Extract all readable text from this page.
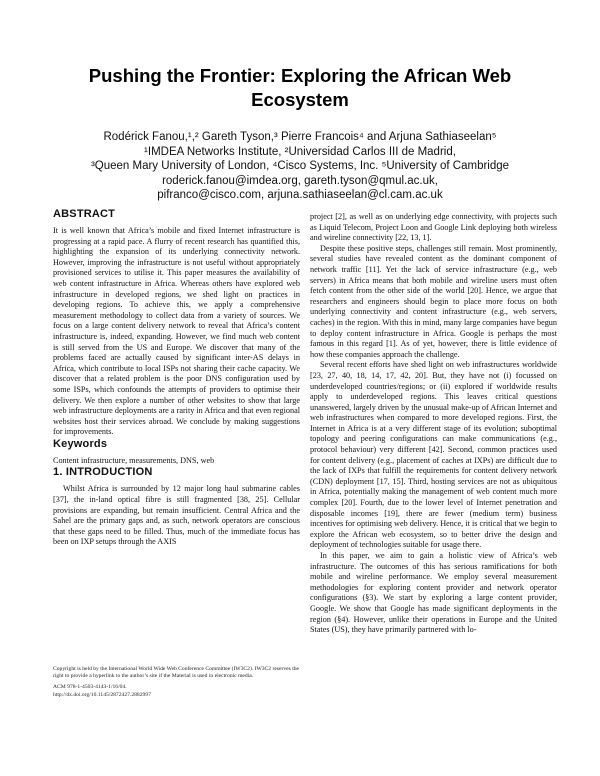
Pushing the Frontier: Exploring the African Web
Ecosystem
Rodérick Fanou,¹,² Gareth Tyson,³ Pierre Francois⁴ and Arjuna Sathiaseelan⁵
¹IMDEA Networks Institute, ²Universidad Carlos III de Madrid,
³Queen Mary University of London, ⁴Cisco Systems, Inc. ⁵University of Cambridge
roderick.fanou@imdea.org, gareth.tyson@qmul.ac.uk,
pifranco@cisco.com, arjuna.sathiaseelan@cl.cam.ac.uk
ABSTRACT

It is well known that Africa’s mobile and fixed Internet infrastructure is progressing at a rapid pace. A flurry of recent research has quantified this, highlighting the expansion of its underlying connectivity network. However, improving the infrastructure is not useful without appropriately provisioned services to utilise it. This paper measures the availability of web content infrastructure in Africa. Whereas others have explored web infrastructure in developed regions, we shed light on practices in developing regions. To achieve this, we apply a comprehensive measurement methodology to collect data from a variety of sources. We focus on a large content delivery network to reveal that Africa’s content infrastructure is, indeed, expanding. However, we find much web content is still served from the US and Europe. We discover that many of the problems faced are actually caused by significant inter-AS delays in Africa, which contribute to local ISPs not sharing their cache capacity. We discover that a related problem is the poor DNS configuration used by some ISPs, which confounds the attempts of providers to optimise their delivery. We then explore a number of other websites to show that large web infrastructure deployments are a rarity in Africa and that even regional websites host their services abroad. We conclude by making suggestions for improvements.

Keywords

Content infrastructure, measurements, DNS, web

1. INTRODUCTION

Whilst Africa is surrounded by 12 major long haul submarine cables [37], the in-land optical fibre is still fragmented [38, 25]. Cellular provisions are expanding, but remain insufficient. Central Africa and the Sahel are the primary gaps and, as such, network operators are conscious that these gaps need to be filled. Thus, much of the immediate focus has been on IXP setups through the AXIS

project [2], as well as on underlying edge connectivity, with projects such as Liquid Telecom, Project Loon and Google Link deploying both wireless and wireline connectivity [22, 13, 1].

Despite these positive steps, challenges still remain. Most prominently, several studies have revealed content as the dominant component of network traffic [11]. Yet the lack of service infrastructure (e.g., web servers) in Africa means that both mobile and wireline users must often fetch content from the other side of the world [20]. Hence, we argue that researchers and engineers should begin to place more focus on both underlying connectivity and content infrastructure (e.g., web servers, caches) in the region. With this in mind, many large companies have begun to deploy content infrastructure in Africa. Google is perhaps the most famous in this regard [1]. As of yet, however, there is little evidence of how these companies approach the challenge.

Several recent efforts have shed light on web infrastructures worldwide [23, 27, 40, 18, 14, 17, 42, 20]. But, they have not (i) focussed on underdeveloped countries/regions; or (ii) explored if worldwide results apply to underdeveloped regions. This leaves critical questions unanswered, largely driven by the unusual make-up of African Internet and web infrastructures when compared to more developed regions. First, the Internet in Africa is at a very different stage of its evolution; suboptimal topology and peering configurations can make communications (e.g., protocol behaviour) very different [42]. Second, common practices used for content delivery (e.g., placement of caches at IXPs) are difficult due to the lack of IXPs that fulfill the requirements for content delivery network (CDN) deployment [17, 15]. Third, hosting services are not as ubiquitous in Africa, potentially making the management of web content much more complex [20]. Fourth, due to the lower level of Internet penetration and disposable incomes [19], there are fewer (medium term) business incentives for optimising web delivery. Hence, it is critical that we begin to explore the African web ecosystem, so to better drive the design and deployment of technologies suitable for usage there.

In this paper, we aim to gain a holistic view of Africa’s web infrastructure. The outcomes of this has serious ramifications for both mobile and wireline performance. We employ several measurement methodologies for exploring content provider and network operator configurations (§3). We start by exploring a large content provider, Google. We show that Google has made significant deployments in the region (§4). However, unlike their operations in Europe and the United States (US), they have primarily partnered with lo-

Copyright is held by the International World Wide Web Conference Committee (IW3C2). IW3C2 reserves the right to provide a hyperlink to the author’s site if the Material is used in electronic media.

ACM 978-1-4503-4143-1/16/04.

http://dx.doi.org/10.1145/2872427.2882997
